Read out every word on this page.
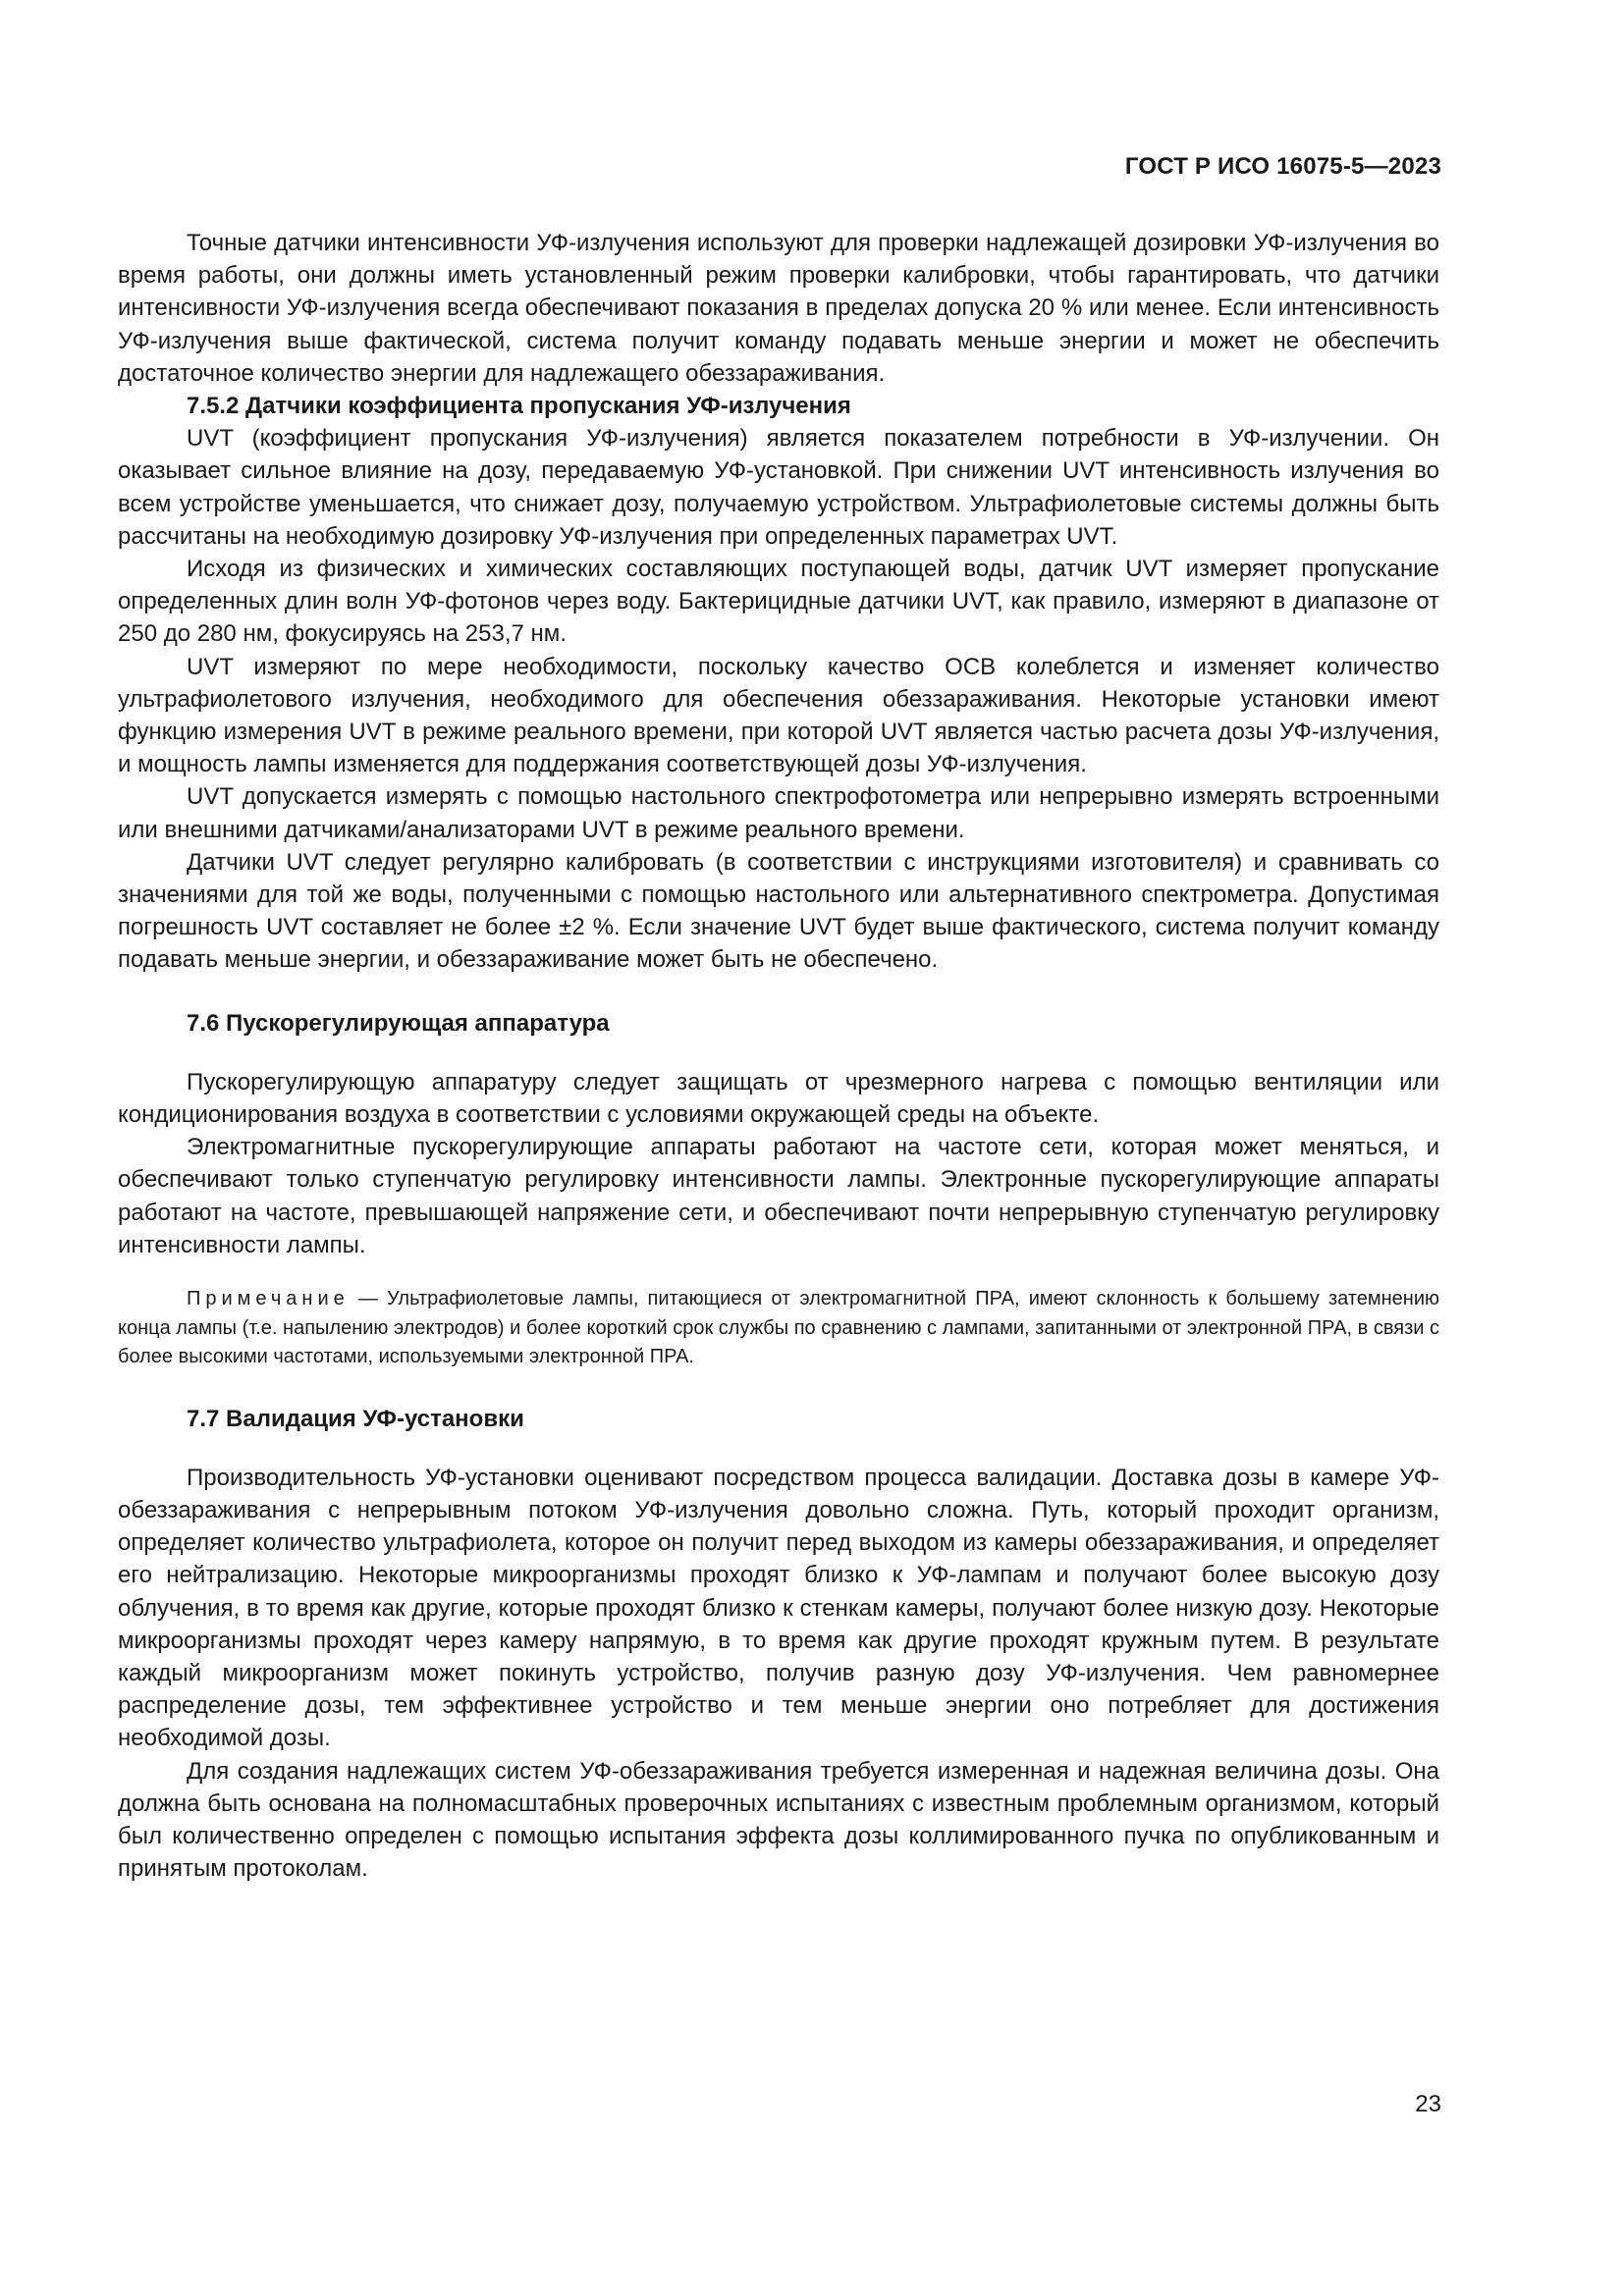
ГОСТ Р ИСО 16075-5—2023

Точные датчики интенсивности УФ-излучения используют для проверки надлежащей дозировки УФ-излучения во время работы, они должны иметь установленный режим проверки калибровки, чтобы гарантировать, что датчики интенсивности УФ-излучения всегда обеспечивают показания в пределах допуска 20 % или менее. Если интенсивность УФ-излучения выше фактической, система получит команду подавать меньше энергии и может не обеспечить достаточное количество энергии для надлежащего обеззараживания.

7.5.2 Датчики коэффициента пропускания УФ-излучения

UVT (коэффициент пропускания УФ-излучения) является показателем потребности в УФ-излучении. Он оказывает сильное влияние на дозу, передаваемую УФ-установкой. При снижении UVT интенсивность излучения во всем устройстве уменьшается, что снижает дозу, получаемую устройством. Ультрафиолетовые системы должны быть рассчитаны на необходимую дозировку УФ-излучения при определенных параметрах UVT.

Исходя из физических и химических составляющих поступающей воды, датчик UVT измеряет пропускание определенных длин волн УФ-фотонов через воду. Бактерицидные датчики UVT, как правило, измеряют в диапазоне от 250 до 280 нм, фокусируясь на 253,7 нм.

UVT измеряют по мере необходимости, поскольку качество ОСВ колеблется и изменяет количество ультрафиолетового излучения, необходимого для обеспечения обеззараживания. Некоторые установки имеют функцию измерения UVT в режиме реального времени, при которой UVT является частью расчета дозы УФ-излучения, и мощность лампы изменяется для поддержания соответствующей дозы УФ-излучения.

UVT допускается измерять с помощью настольного спектрофотометра или непрерывно измерять встроенными или внешними датчиками/анализаторами UVT в режиме реального времени.

Датчики UVT следует регулярно калибровать (в соответствии с инструкциями изготовителя) и сравнивать со значениями для той же воды, полученными с помощью настольного или альтернативного спектрометра. Допустимая погрешность UVT составляет не более ±2 %. Если значение UVT будет выше фактического, система получит команду подавать меньше энергии, и обеззараживание может быть не обеспечено.

7.6 Пускорегулирующая аппаратура

Пускорегулирующую аппаратуру следует защищать от чрезмерного нагрева с помощью вентиляции или кондиционирования воздуха в соответствии с условиями окружающей среды на объекте.

Электромагнитные пускорегулирующие аппараты работают на частоте сети, которая может меняться, и обеспечивают только ступенчатую регулировку интенсивности лампы. Электронные пускорегулирующие аппараты работают на частоте, превышающей напряжение сети, и обеспечивают почти непрерывную ступенчатую регулировку интенсивности лампы.

Примечание — Ультрафиолетовые лампы, питающиеся от электромагнитной ПРА, имеют склонность к большему затемнению конца лампы (т.е. напылению электродов) и более короткий срок службы по сравнению с лампами, запитанными от электронной ПРА, в связи с более высокими частотами, используемыми электронной ПРА.
7.7 Валидация УФ-установки

Производительность УФ-установки оценивают посредством процесса валидации. Доставка дозы в камере УФ-обеззараживания с непрерывным потоком УФ-излучения довольно сложна. Путь, который проходит организм, определяет количество ультрафиолета, которое он получит перед выходом из камеры обеззараживания, и определяет его нейтрализацию. Некоторые микроорганизмы проходят близко к УФ-лампам и получают более высокую дозу облучения, в то время как другие, которые проходят близко к стенкам камеры, получают более низкую дозу. Некоторые микроорганизмы проходят через камеру напрямую, в то время как другие проходят кружным путем. В результате каждый микроорганизм может покинуть устройство, получив разную дозу УФ-излучения. Чем равномернее распределение дозы, тем эффективнее устройство и тем меньше энергии оно потребляет для достижения необходимой дозы.

Для создания надлежащих систем УФ-обеззараживания требуется измеренная и надежная величина дозы. Она должна быть основана на полномасштабных проверочных испытаниях с известным проблемным организмом, который был количественно определен с помощью испытания эффекта дозы коллимированного пучка по опубликованным и принятым протоколам.

23
